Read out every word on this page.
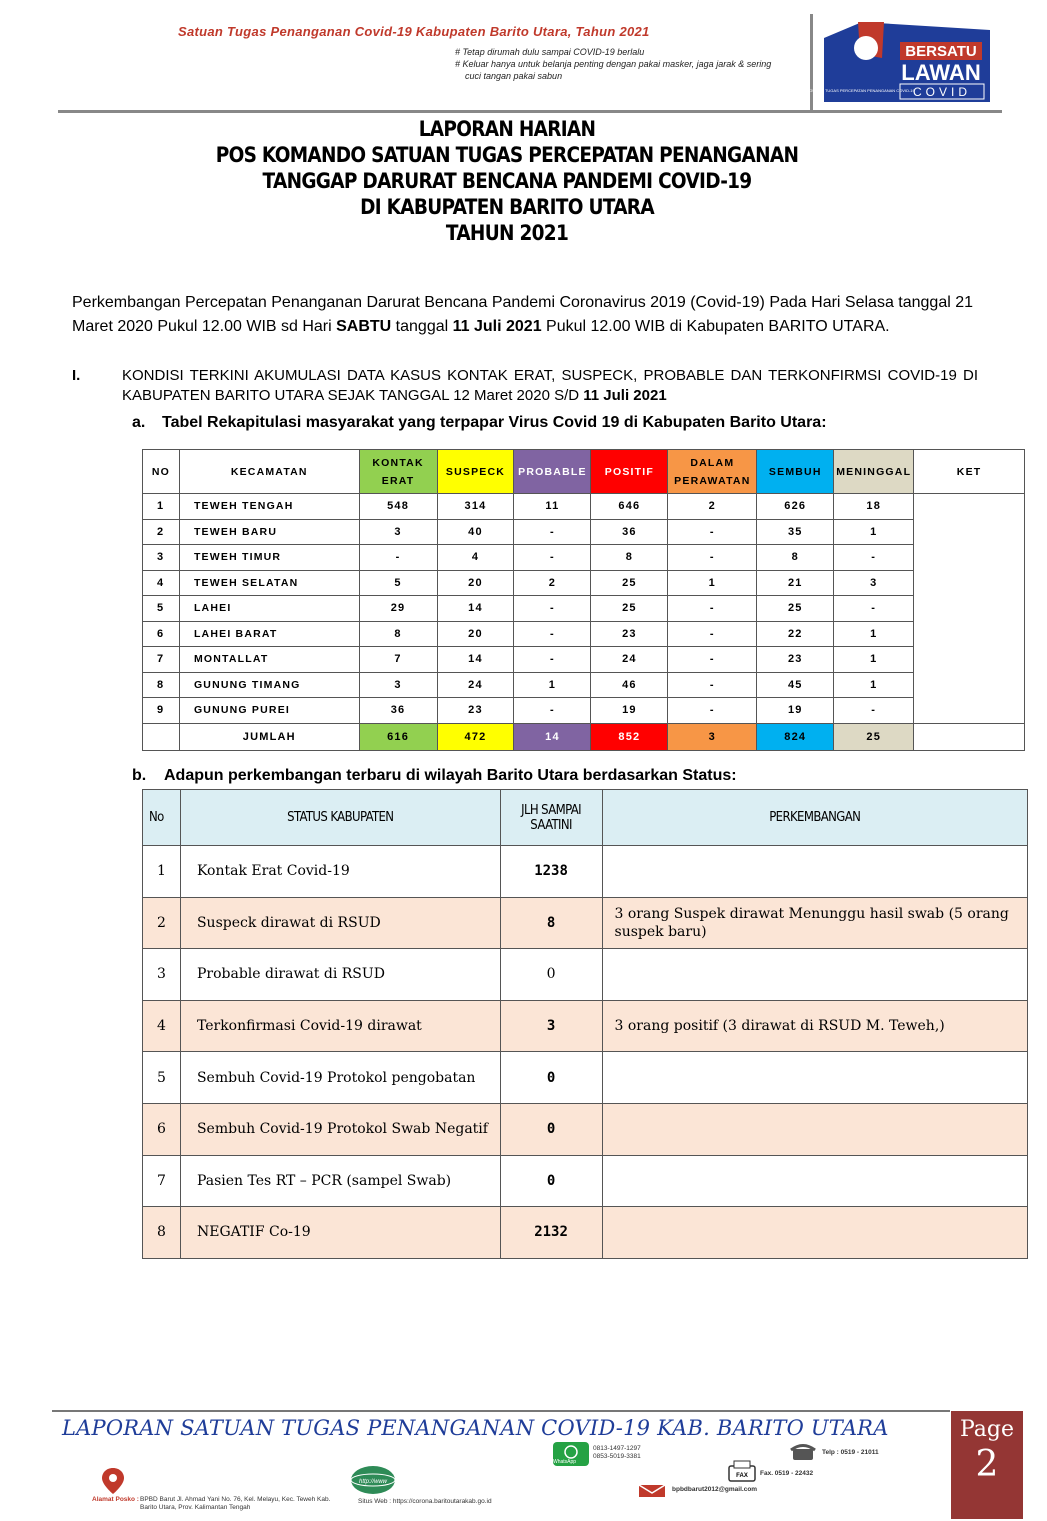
Satuan Tugas Penanganan Covid-19 Kabupaten Barito Utara, Tahun 2021
# Tetap dirumah dulu sampai COVID-19 berlalu
# Keluar hanya untuk belanja penting dengan pakai masker, jaga jarak & sering
cuci tangan pakai sabun
BERSATU
LAWAN
COVID
GUGUS TUGAS PERCEPATAN PENANGANAN COVID-19
LAPORAN HARIAN
POS KOMANDO SATUAN TUGAS PERCEPATAN PENANGANAN
TANGGAP DARURAT BENCANA PANDEMI COVID-19
DI KABUPATEN BARITO UTARA
TAHUN 2021
Perkembangan Percepatan Penanganan Darurat Bencana Pandemi Coronavirus 2019 (Covid-19) Pada Hari Selasa tanggal 21 Maret 2020 Pukul 12.00 WIB sd Hari SABTU tanggal 11 Juli 2021 Pukul 12.00 WIB di Kabupaten BARITO UTARA.
I.	KONDISI TERKINI AKUMULASI DATA KASUS KONTAK ERAT, SUSPECK, PROBABLE DAN TERKONFIRMSI COVID-19 DI KABUPATEN BARITO UTARA SEJAK TANGGAL 12 Maret 2020 S/D 11 Juli 2021
a. Tabel Rekapitulasi masyarakat yang terpapar Virus Covid 19 di Kabupaten Barito Utara:
NO	KECAMATAN	KONTAK ERAT	SUSPECK	PROBABLE	POSITIF	DALAM PERAWATAN	SEMBUH	MENINGGAL	KET
1	TEWEH TENGAH	548	314	11	646	2	626	18	
2	TEWEH BARU	3	40	-	36	-	35	1	
3	TEWEH TIMUR	-	4	-	8	-	8	-	
4	TEWEH SELATAN	5	20	2	25	1	21	3	
5	LAHEI	29	14	-	25	-	25	-	
6	LAHEI BARAT	8	20	-	23	-	22	1	
7	MONTALLAT	7	14	-	24	-	23	1	
8	GUNUNG TIMANG	3	24	1	46	-	45	1	
9	GUNUNG PUREI	36	23	-	19	-	19	-	
	JUMLAH	616	472	14	852	3	824	25	
b. Adapun perkembangan terbaru di wilayah Barito Utara berdasarkan Status:
No	STATUS KABUPATEN	JLH SAMPAI SAATINI	PERKEMBANGAN
1	Kontak Erat Covid-19	1238	
2	Suspeck dirawat di RSUD	8	3 orang Suspek dirawat Menunggu hasil swab (5 orang suspek baru)
3	Probable dirawat di RSUD	0	
4	Terkonfirmasi Covid-19 dirawat	3	3 orang positif (3 dirawat di RSUD M. Teweh,)
5	Sembuh Covid-19 Protokol pengobatan	0	
6	Sembuh Covid-19 Protokol Swab Negatif	0	
7	Pasien Tes RT – PCR (sampel Swab)	0	
8	NEGATIF Co-19	2132	
LAPORAN SATUAN TUGAS PENANGANAN COVID-19 KAB. BARITO UTARA	Page
2
WhatsApp
0813-1497-1297
0853-5019-3381
Telp : 0519 - 21011
FAX Fax. 0519 - 22432
bpbdbarut2012@gmail.com
Alamat Posko : BPBD Barut Jl. Ahmad Yani No. 76, Kel. Melayu, Kec. Teweh Kab. Barito Utara, Prov. Kalimantan Tengah
http://www
Situs Web : https://corona.baritoutarakab.go.id
